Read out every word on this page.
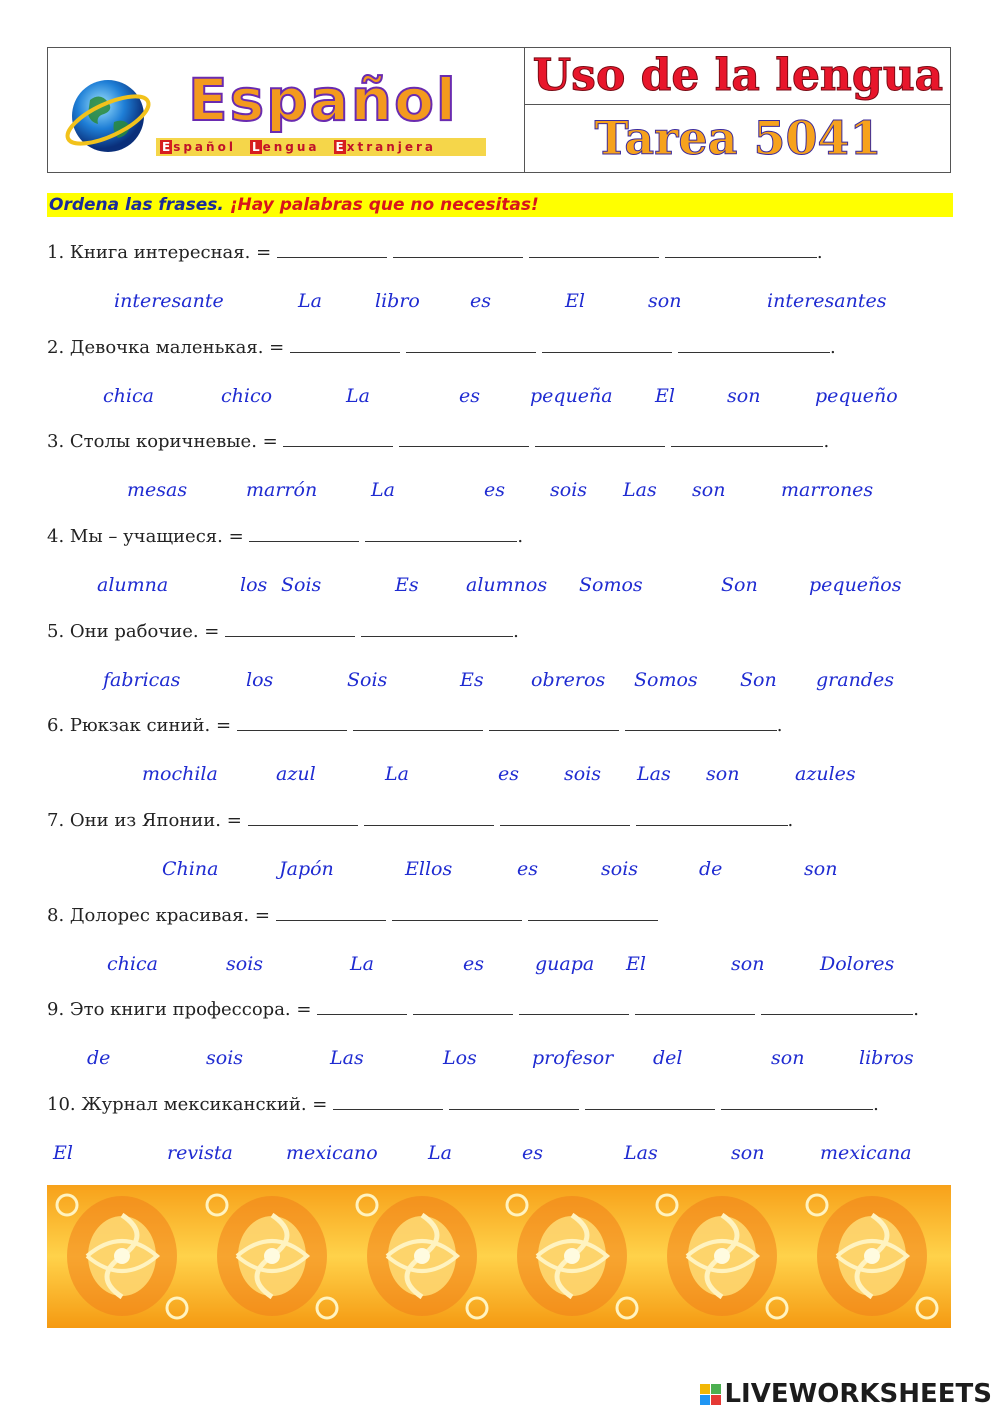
Español
E spañol L engua E xtranjera
Uso de la lengua
Tarea 5041
Ordena las frases. ¡Hay palabras que no necesitas!
1. Книга интересная. =	.
interesante	La	libro	es	El	son	interesantes
2. Девочка маленькая. =	.
chica	chico	La	es	pequeña El	son	pequeño
3. Столы коричневые. =	.
mesas	marrón	La	es sois Las son	marrones
4. Мы – учащиеся. =	.
alumna	los Sois	Es alumnos Somos	Son	pequeños
5. Они рабочие. =	.
fabricas	los	Sois	Es obreros Somos Son grandes
6. Рюкзак синий. =	.
mochila	azul	La	es sois Las son	azules
7. Они из Японии. =	.
China	Japón	Ellos	es	sois	de	son
8. Долорес красивая. =
chica	sois	La	es	guapa El	son	Dolores
9. Это книги профессора. =	.
de	sois	Las	Los	profesor del	son	libros
10. Журнал мексиканский. =	.
El	revista	mexicano	La	es	Las	son	mexicana
LIVEWORKSHEETS
